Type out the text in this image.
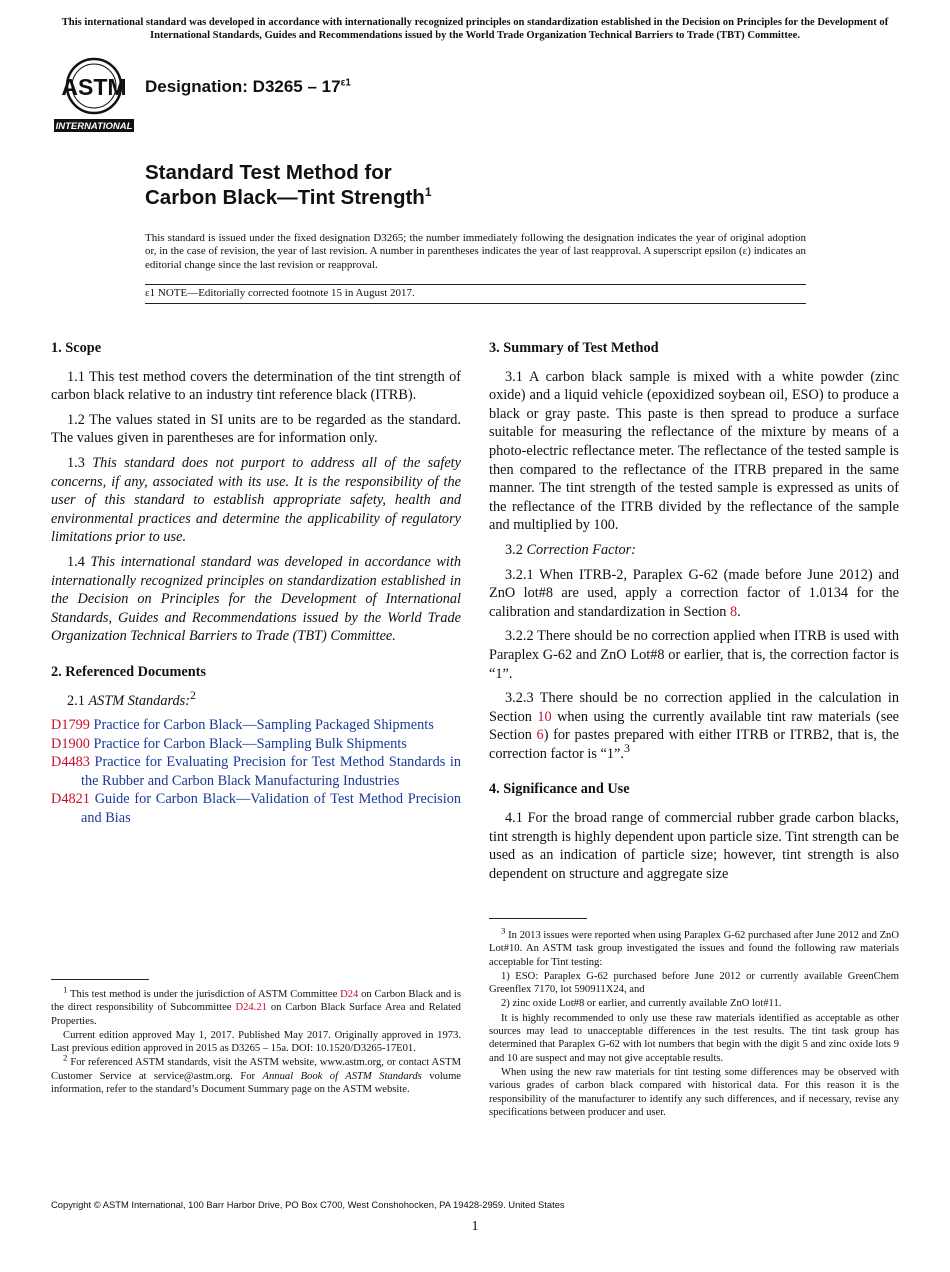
This international standard was developed in accordance with internationally recognized principles on standardization established in the Decision on Principles for the Development of International Standards, Guides and Recommendations issued by the World Trade Organization Technical Barriers to Trade (TBT) Committee.
ASTM
INTERNATIONAL
Designation: $D3265 - 17^{\varepsilon 1}$
Standard Test Method for
Carbon Black—Tint Strength$^1$
This standard is issued under the fixed designation D3265; the number immediately following the designation indicates the year of original adoption or, in the case of revision, the year of last revision. A number in parentheses indicates the year of last reapproval. A superscript epsilon (ε) indicates an editorial change since the last revision or reapproval.
ε1 NOTE—Editorially corrected footnote 15 in August 2017.
1. Scope

1.1 This test method covers the determination of the tint strength of carbon black relative to an industry tint reference black (ITRB).

1.2 The values stated in SI units are to be regarded as the standard. The values given in parentheses are for information only.

1.3 This standard does not purport to address all of the safety concerns, if any, associated with its use. It is the responsibility of the user of this standard to establish appropriate safety, health and environmental practices and determine the applicability of regulatory limitations prior to use.

1.4 This international standard was developed in accordance with internationally recognized principles on standardization established in the Decision on Principles for the Development of International Standards, Guides and Recommendations issued by the World Trade Organization Technical Barriers to Trade (TBT) Committee.

2. Referenced Documents

2.1 ASTM Standards:$^2$

D1799 Practice for Carbon Black—Sampling Packaged Shipments
D1900 Practice for Carbon Black—Sampling Bulk Shipments
D4483 Practice for Evaluating Precision for Test Method Standards in the Rubber and Carbon Black Manufacturing Industries
D4821 Guide for Carbon Black—Validation of Test Method Precision and Bias
3. Summary of Test Method

3.1 A carbon black sample is mixed with a white powder (zinc oxide) and a liquid vehicle (epoxidized soybean oil, ESO) to produce a black or gray paste. This paste is then spread to produce a surface suitable for measuring the reflectance of the mixture by means of a photo-electric reflectance meter. The reflectance of the tested sample is then compared to the reflectance of the ITRB prepared in the same manner. The tint strength of the tested sample is expressed as units of the reflectance of the ITRB divided by the reflectance of the sample and multiplied by 100.

3.2 Correction Factor:

3.2.1 When ITRB-2, Paraplex G-62 (made before June 2012) and ZnO lot#8 are used, apply a correction factor of 1.0134 for the calibration and standardization in Section 8.

3.2.2 There should be no correction applied when ITRB is used with Paraplex G-62 and ZnO Lot#8 or earlier, that is, the correction factor is “1”.

3.2.3 There should be no correction applied in the calculation in Section 10 when using the currently available tint raw materials (see Section 6) for pastes prepared with either ITRB or ITRB2, that is, the correction factor is “1”.$^3$

4. Significance and Use

4.1 For the broad range of commercial rubber grade carbon blacks, tint strength is highly dependent upon particle size. Tint strength can be used as an indication of particle size; however, tint strength is also dependent on structure and aggregate size

$^1$ This test method is under the jurisdiction of ASTM Committee D24 on Carbon Black and is the direct responsibility of Subcommittee D24.21 on Carbon Black Surface Area and Related Properties.

Current edition approved May 1, 2017. Published May 2017. Originally approved in 1973. Last previous edition approved in 2015 as D3265 – 15a. DOI: 10.1520/D3265-17E01.

$^2$ For referenced ASTM standards, visit the ASTM website, www.astm.org, or contact ASTM Customer Service at service@astm.org. For Annual Book of ASTM Standards volume information, refer to the standard’s Document Summary page on the ASTM website.

$^3$ In 2013 issues were reported when using Paraplex G-62 purchased after June 2012 and ZnO Lot#10. An ASTM task group investigated the issues and found the following raw materials acceptable for Tint testing:

1) ESO: Paraplex G-62 purchased before June 2012 or currently available GreenChem Greenflex 7170, lot 590911X24, and

2) zinc oxide Lot#8 or earlier, and currently available ZnO lot#11.

It is highly recommended to only use these raw materials identified as acceptable as other sources may lead to unacceptable differences in the test results. The tint task group has determined that Paraplex G-62 with lot numbers that begin with the digit 5 and zinc oxide lots 9 and 10 are suspect and may not give acceptable results.

When using the new raw materials for tint testing some differences may be observed with various grades of carbon black compared with historical data. For this reason it is the responsibility of the manufacturer to identify any such differences, and if necessary, revise any specifications between producer and user.

Copyright © ASTM International, 100 Barr Harbor Drive, PO Box C700, West Conshohocken, PA 19428-2959. United States
1
